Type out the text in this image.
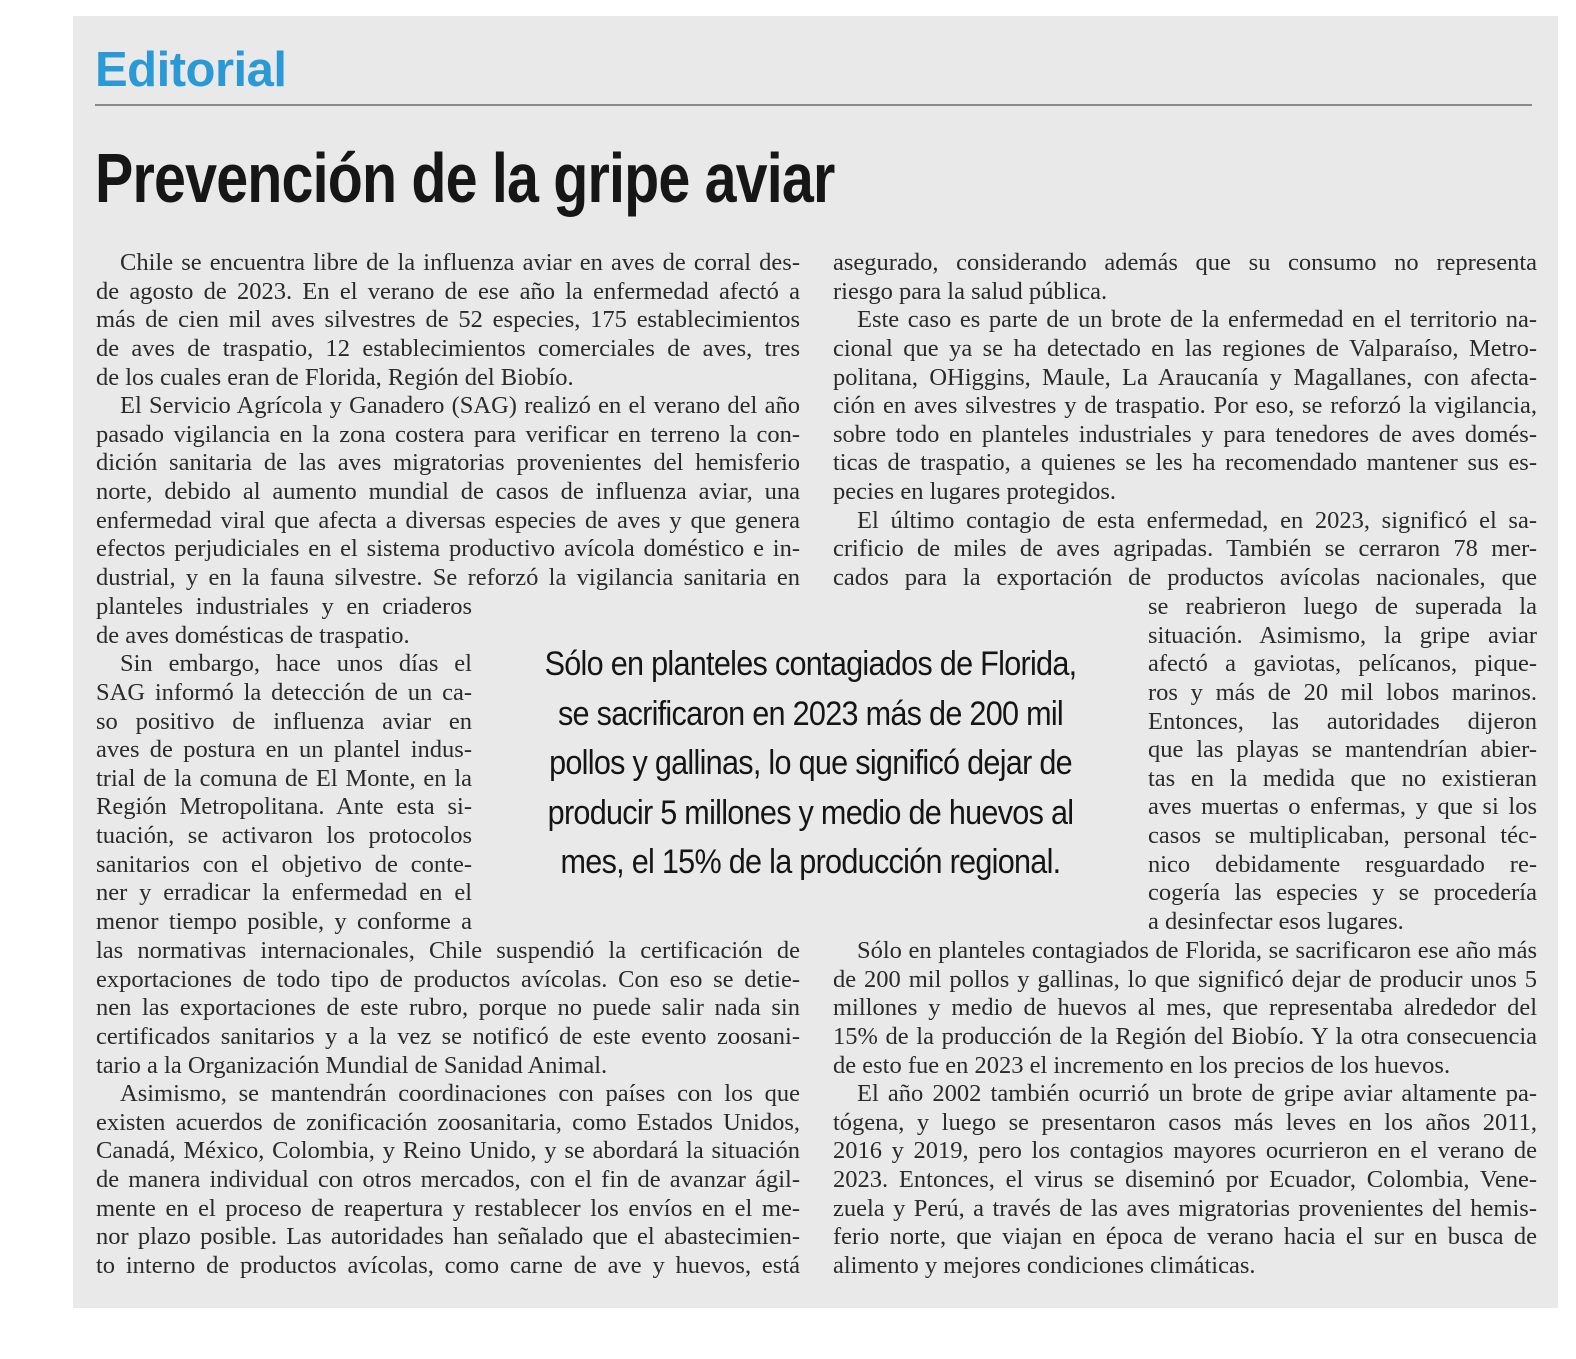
Editorial
Prevención de la gripe aviar
Chile se encuentra libre de la influenza aviar en aves de corral des-
de agosto de 2023. En el verano de ese año la enfermedad afectó a
más de cien mil aves silvestres de 52 especies, 175 establecimientos
de aves de traspatio, 12 establecimientos comerciales de aves, tres
de los cuales eran de Florida, Región del Biobío.
El Servicio Agrícola y Ganadero (SAG) realizó en el verano del año
pasado vigilancia en la zona costera para verificar en terreno la con-
dición sanitaria de las aves migratorias provenientes del hemisferio
norte, debido al aumento mundial de casos de influenza aviar, una
enfermedad viral que afecta a diversas especies de aves y que genera
efectos perjudiciales en el sistema productivo avícola doméstico e in-
dustrial, y en la fauna silvestre. Se reforzó la vigilancia sanitaria en
planteles industriales y en criaderos
de aves domésticas de traspatio.
Sin embargo, hace unos días el
SAG informó la detección de un ca-
so positivo de influenza aviar en
aves de postura en un plantel indus-
trial de la comuna de El Monte, en la
Región Metropolitana. Ante esta si-
tuación, se activaron los protocolos
sanitarios con el objetivo de conte-
ner y erradicar la enfermedad en el
menor tiempo posible, y conforme a
las normativas internacionales, Chile suspendió la certificación de
exportaciones de todo tipo de productos avícolas. Con eso se detie-
nen las exportaciones de este rubro, porque no puede salir nada sin
certificados sanitarios y a la vez se notificó de este evento zoosani-
tario a la Organización Mundial de Sanidad Animal.
Asimismo, se mantendrán coordinaciones con países con los que
existen acuerdos de zonificación zoosanitaria, como Estados Unidos,
Canadá, México, Colombia, y Reino Unido, y se abordará la situación
de manera individual con otros mercados, con el fin de avanzar ágil-
mente en el proceso de reapertura y restablecer los envíos en el me-
nor plazo posible. Las autoridades han señalado que el abastecimien-
to interno de productos avícolas, como carne de ave y huevos, está
asegurado, considerando además que su consumo no representa
riesgo para la salud pública.
Este caso es parte de un brote de la enfermedad en el territorio na-
cional que ya se ha detectado en las regiones de Valparaíso, Metro-
politana, OHiggins, Maule, La Araucanía y Magallanes, con afecta-
ción en aves silvestres y de traspatio. Por eso, se reforzó la vigilancia,
sobre todo en planteles industriales y para tenedores de aves domés-
ticas de traspatio, a quienes se les ha recomendado mantener sus es-
pecies en lugares protegidos.
El último contagio de esta enfermedad, en 2023, significó el sa-
crificio de miles de aves agripadas. También se cerraron 78 mer-
cados para la exportación de productos avícolas nacionales, que
se reabrieron luego de superada la
situación. Asimismo, la gripe aviar
afectó a gaviotas, pelícanos, pique-
ros y más de 20 mil lobos marinos.
Entonces, las autoridades dijeron
que las playas se mantendrían abier-
tas en la medida que no existieran
aves muertas o enfermas, y que si los
casos se multiplicaban, personal téc-
nico debidamente resguardado re-
cogería las especies y se procedería
a desinfectar esos lugares.
Sólo en planteles contagiados de Florida, se sacrificaron ese año más
de 200 mil pollos y gallinas, lo que significó dejar de producir unos 5
millones y medio de huevos al mes, que representaba alrededor del
15% de la producción de la Región del Biobío. Y la otra consecuencia
de esto fue en 2023 el incremento en los precios de los huevos.
El año 2002 también ocurrió un brote de gripe aviar altamente pa-
tógena, y luego se presentaron casos más leves en los años 2011,
2016 y 2019, pero los contagios mayores ocurrieron en el verano de
2023. Entonces, el virus se diseminó por Ecuador, Colombia, Vene-
zuela y Perú, a través de las aves migratorias provenientes del hemis-
ferio norte, que viajan en época de verano hacia el sur en busca de
alimento y mejores condiciones climáticas.
Sólo en planteles contagiados de Florida,
se sacrificaron en 2023 más de 200 mil
pollos y gallinas, lo que significó dejar de
producir 5 millones y medio de huevos al
mes, el 15% de la producción regional.
